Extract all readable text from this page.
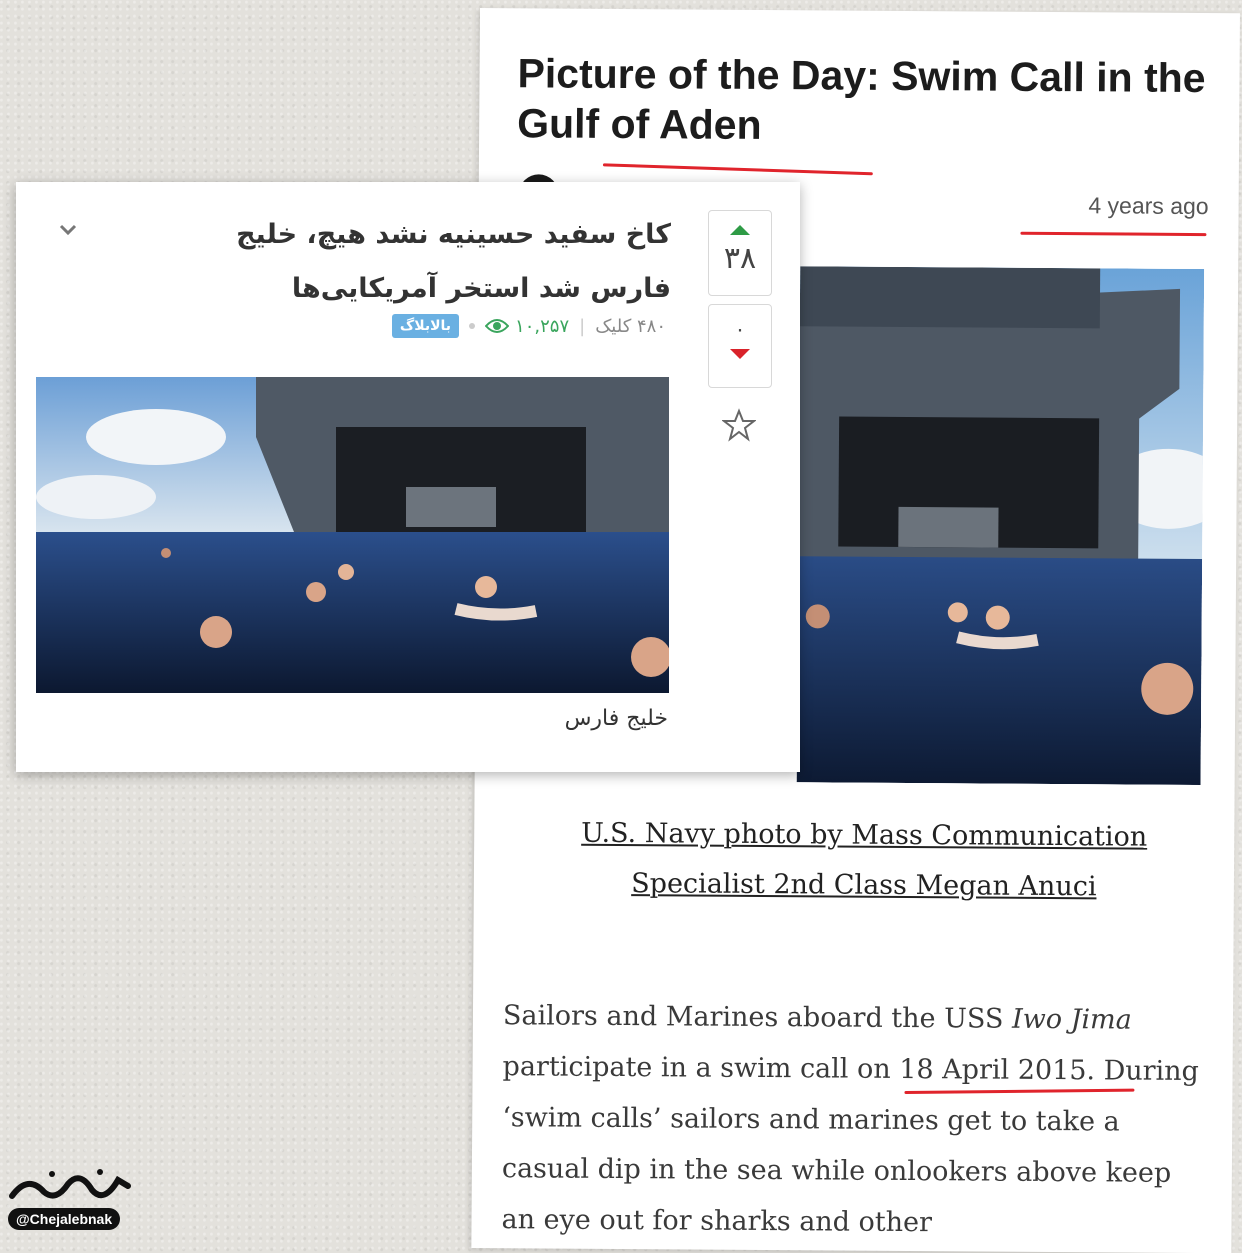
Picture of the Day: Swim Call in the Gulf of Aden
4 years ago
U.S. Navy photo by Mass Communication Specialist 2nd Class Megan Anuci
Sailors and Marines aboard the USS Iwo Jima participate in a swim call on 18 April 2015. During ‘swim calls’ sailors and marines get to take a casual dip in the sea while onlookers above keep an eye out for sharks and other
کاخ سفید حسینیه نشد هیچ، خلیج فارس شد استخر آمریکایی‌ها
۴۸۰ کلیک
|
۱۰,۲۵۷
بالابلاگ
خلیج فارس
۳۸
۰
@Chejalebnak
